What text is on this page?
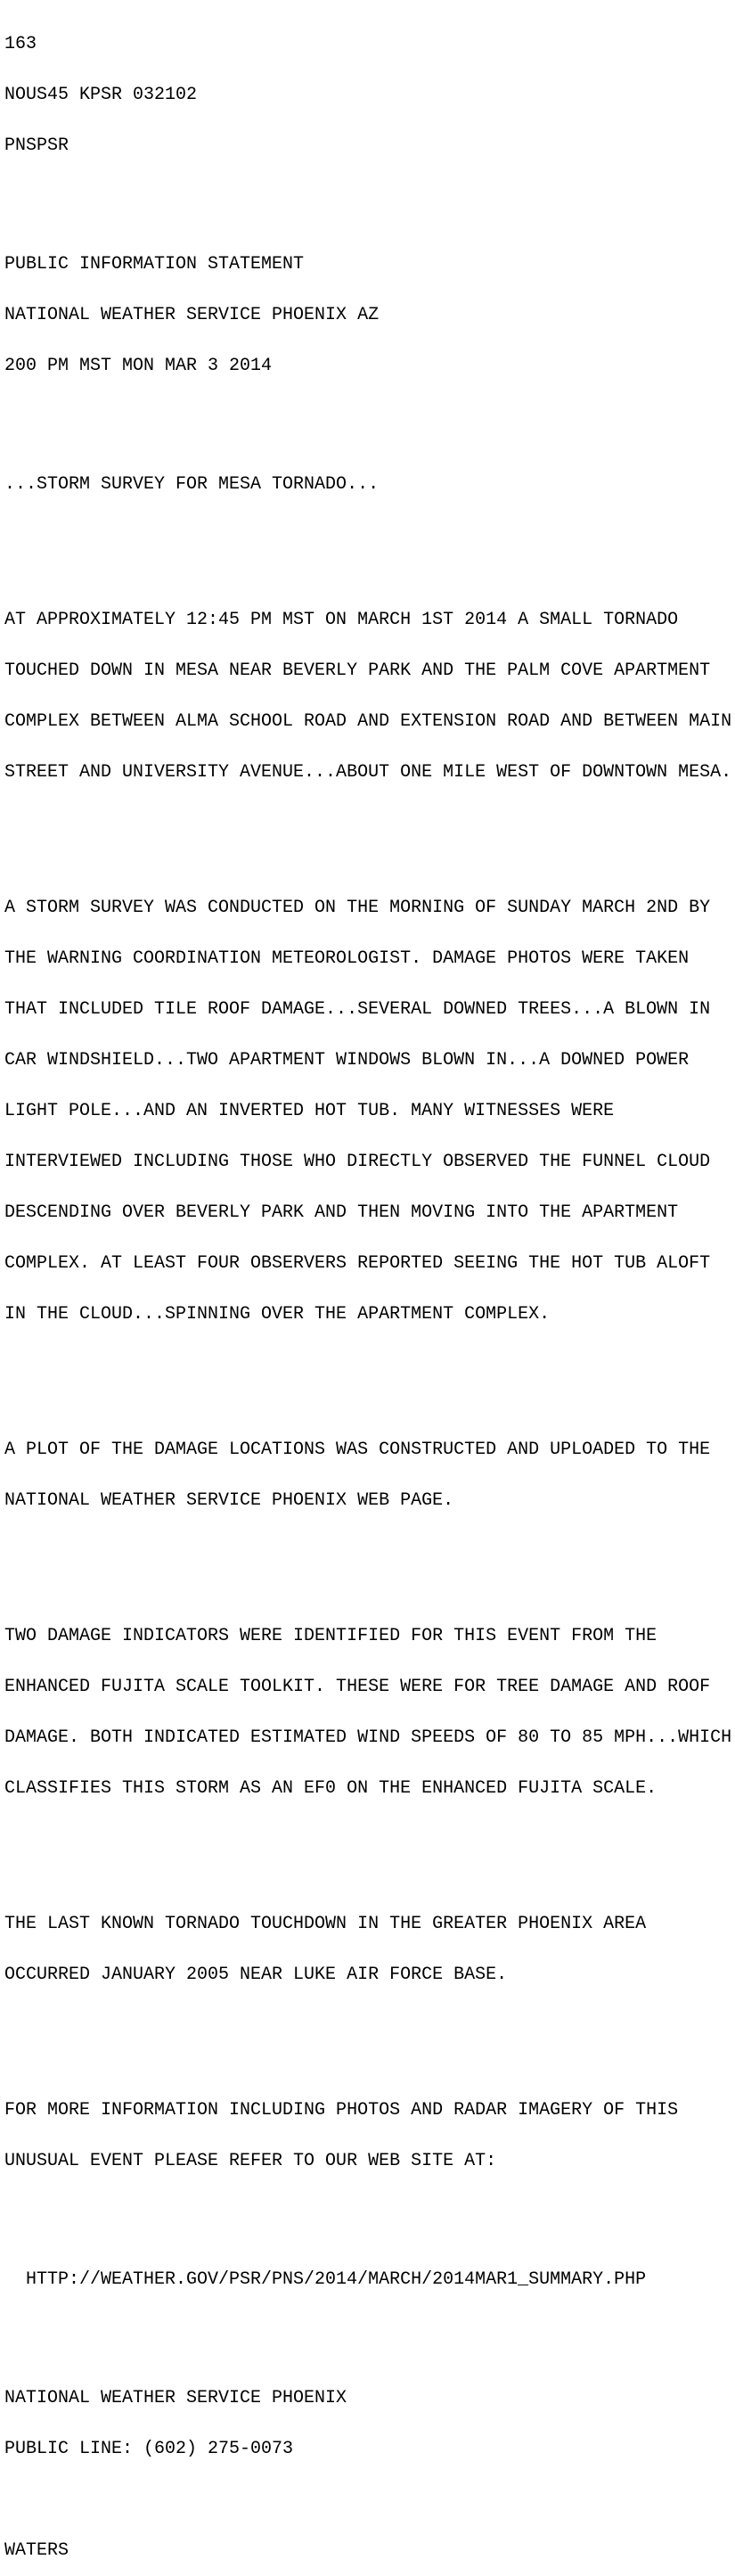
163

NOUS45 KPSR 032102

PNSPSR

PUBLIC INFORMATION STATEMENT

NATIONAL WEATHER SERVICE PHOENIX AZ

200 PM MST MON MAR 3 2014

...STORM SURVEY FOR MESA TORNADO...

AT APPROXIMATELY 12:45 PM MST ON MARCH 1ST 2014 A SMALL TORNADO

TOUCHED DOWN IN MESA NEAR BEVERLY PARK AND THE PALM COVE APARTMENT

COMPLEX BETWEEN ALMA SCHOOL ROAD AND EXTENSION ROAD AND BETWEEN MAIN

STREET AND UNIVERSITY AVENUE...ABOUT ONE MILE WEST OF DOWNTOWN MESA.

A STORM SURVEY WAS CONDUCTED ON THE MORNING OF SUNDAY MARCH 2ND BY

THE WARNING COORDINATION METEOROLOGIST. DAMAGE PHOTOS WERE TAKEN

THAT INCLUDED TILE ROOF DAMAGE...SEVERAL DOWNED TREES...A BLOWN IN

CAR WINDSHIELD...TWO APARTMENT WINDOWS BLOWN IN...A DOWNED POWER

LIGHT POLE...AND AN INVERTED HOT TUB. MANY WITNESSES WERE

INTERVIEWED INCLUDING THOSE WHO DIRECTLY OBSERVED THE FUNNEL CLOUD

DESCENDING OVER BEVERLY PARK AND THEN MOVING INTO THE APARTMENT

COMPLEX. AT LEAST FOUR OBSERVERS REPORTED SEEING THE HOT TUB ALOFT

IN THE CLOUD...SPINNING OVER THE APARTMENT COMPLEX.

A PLOT OF THE DAMAGE LOCATIONS WAS CONSTRUCTED AND UPLOADED TO THE

NATIONAL WEATHER SERVICE PHOENIX WEB PAGE.

TWO DAMAGE INDICATORS WERE IDENTIFIED FOR THIS EVENT FROM THE

ENHANCED FUJITA SCALE TOOLKIT. THESE WERE FOR TREE DAMAGE AND ROOF

DAMAGE. BOTH INDICATED ESTIMATED WIND SPEEDS OF 80 TO 85 MPH...WHICH

CLASSIFIES THIS STORM AS AN EF0 ON THE ENHANCED FUJITA SCALE.

THE LAST KNOWN TORNADO TOUCHDOWN IN THE GREATER PHOENIX AREA

OCCURRED JANUARY 2005 NEAR LUKE AIR FORCE BASE.

FOR MORE INFORMATION INCLUDING PHOTOS AND RADAR IMAGERY OF THIS

UNUSUAL EVENT PLEASE REFER TO OUR WEB SITE AT:

HTTP://WEATHER.GOV/PSR/PNS/2014/MARCH/2014MAR1_SUMMARY.PHP

NATIONAL WEATHER SERVICE PHOENIX

PUBLIC LINE: (602) 275-0073

WATERS
